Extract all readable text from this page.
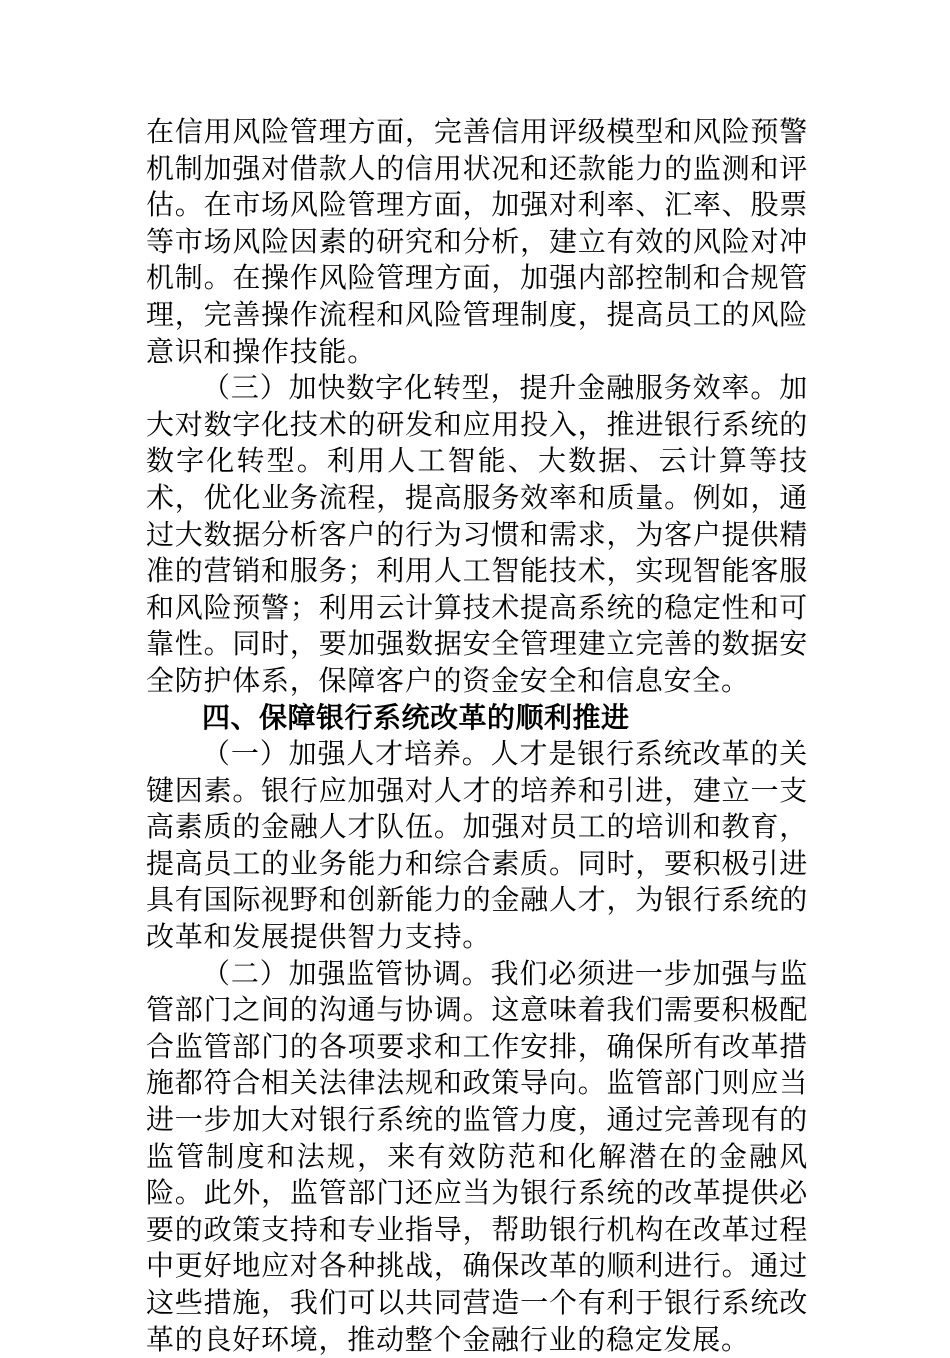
在信用风险管理方面，完善信用评级模型和风险预警机制加强对借款人的信用状况和还款能力的监测和评估。在市场风险管理方面，加强对利率、汇率、股票等市场风险因素的研究和分析，建立有效的风险对冲机制。在操作风险管理方面，加强内部控制和合规管理，完善操作流程和风险管理制度，提高员工的风险意识和操作技能。

（三）加快数字化转型，提升金融服务效率。加大对数字化技术的研发和应用投入，推进银行系统的数字化转型。利用人工智能、大数据、云计算等技术，优化业务流程，提高服务效率和质量。例如，通过大数据分析客户的行为习惯和需求，为客户提供精准的营销和服务；利用人工智能技术，实现智能客服和风险预警；利用云计算技术提高系统的稳定性和可靠性。同时，要加强数据安全管理建立完善的数据安全防护体系，保障客户的资金安全和信息安全。

四、保障银行系统改革的顺利推进

（一）加强人才培养。人才是银行系统改革的关键因素。银行应加强对人才的培养和引进，建立一支高素质的金融人才队伍。加强对员工的培训和教育，提高员工的业务能力和综合素质。同时，要积极引进具有国际视野和创新能力的金融人才，为银行系统的改革和发展提供智力支持。

（二）加强监管协调。我们必须进一步加强与监管部门之间的沟通与协调。这意味着我们需要积极配合监管部门的各项要求和工作安排，确保所有改革措施都符合相关法律法规和政策导向。监管部门则应当进一步加大对银行系统的监管力度，通过完善现有的监管制度和法规，来有效防范和化解潜在的金融风险。此外，监管部门还应当为银行系统的改革提供必要的政策支持和专业指导，帮助银行机构在改革过程中更好地应对各种挑战，确保改革的顺利进行。通过这些措施，我们可以共同营造一个有利于银行系统改革的良好环境，推动整个金融行业的稳定发展。
